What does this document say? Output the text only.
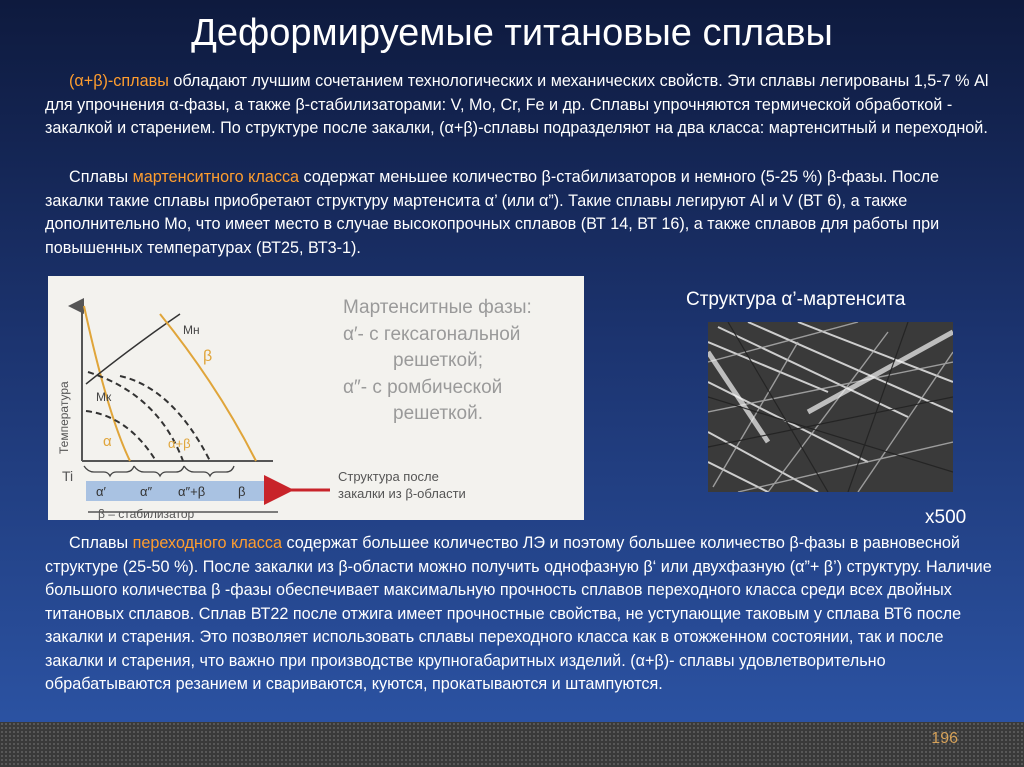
Деформируемые титановые сплавы
(α+β)-сплавы обладают лучшим сочетанием технологических и механических свойств. Эти сплавы легированы 1,5-7 % Al для упрочнения α-фазы, а также β-стабилизаторами: V, Mo, Cr, Fe и др. Сплавы упрочняются термической обработкой - закалкой и старением. По структуре после закалки, (α+β)-сплавы подразделяют на два класса: мартенситный и переходной.
Сплавы мартенситного класса содержат меньшее количество β-стабилизаторов и немного (5-25 %) β-фазы. После закалки такие сплавы приобретают структуру мартенсита α’ (или α”). Такие сплавы легируют Al и V (ВТ 6), а также дополнительно Mo, что имеет место в случае высокопрочных сплавов (ВТ 14, ВТ 16), а также сплавов для работы при повышенных температурах (ВТ25, ВТ3-1).
Температура
Ti
Mн
Mк
β
α	α+β
α′	α″ α″+β	β
β – стабилизатор
Мартенситные фазы:
α′- с гексагональной
решеткой;
α″- с ромбической
решеткой.
Структура после
закалки из β-области
Структура α’-мартенсита
x500
Сплавы переходного класса содержат большее количество ЛЭ и поэтому большее количество β-фазы в равновесной структуре (25-50 %). После закалки из β-области можно получить однофазную β‘ или двухфазную (α”+ β’) структуру. Наличие большого количества β -фазы обеспечивает максимальную прочность сплавов переходного класса среди всех двойных титановых сплавов. Сплав ВТ22 после отжига имеет прочностные свойства, не уступающие таковым у сплава ВТ6 после закалки и старения. Это позволяет использовать сплавы переходного класса как в отожженном состоянии, так и после закалки и старения, что важно при производстве крупногабаритных изделий. (α+β)- сплавы удовлетворительно обрабатываются резанием и свариваются, куются, прокатываются и штампуются.
196
